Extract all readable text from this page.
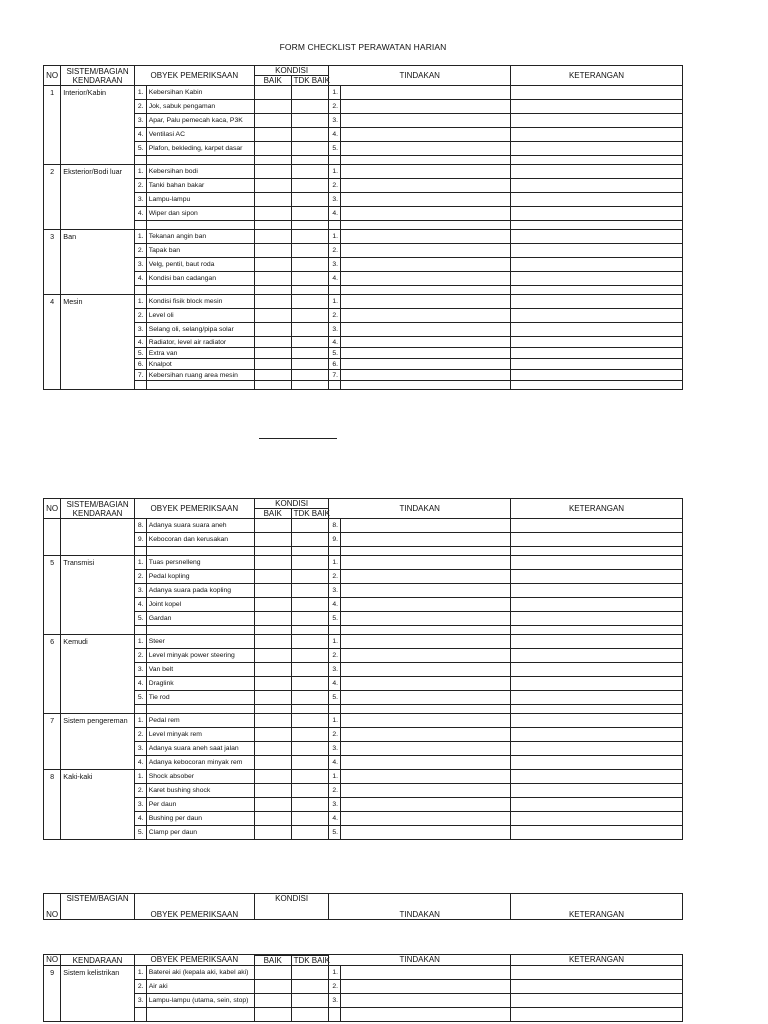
FORM CHECKLIST PERAWATAN HARIAN
NO	SISTEM/BAGIAN
KENDARAAN	OBYEK PEMERIKSAAN		KONDISI		TINDAKAN		KETERANGAN
				BAIK	TDK BAIK			
1	Interior/Kabin	1.	Kebersihan Kabin			1.		
		2.	Jok, sabuk pengaman			2.		
		3.	Apar, Palu pemecah kaca, P3K			3.		
		4.	Ventilasi AC			4.		
		5.	Plafon, bekleding, karpet dasar			5.		

2	Eksterior/Bodi luar	1.	Kebersihan bodi			1.		
		2.	Tanki bahan bakar			2.		
		3.	Lampu-lampu			3.		
		4.	Wiper dan sipon			4.		

3	Ban	1.	Tekanan angin ban			1.		
		2.	Tapak ban			2.		
		3.	Velg, pentil, baut roda			3.		
		4.	Kondisi ban cadangan			4.		

4	Mesin	1.	Kondisi fisik block mesin			1.		
		2.	Level oli			2.		
		3.	Selang oli, selang/pipa solar			3.		
		4.	Radiator, level air radiator			4.		
		5.	Extra van			5.		
		6.	Knalpot			6.		
		7.	Kebersihan ruang area mesin			7.		

NO	SISTEM/BAGIAN
KENDARAAN	OBYEK PEMERIKSAAN		KONDISI		TINDAKAN		KETERANGAN
				BAIK	TDK BAIK			
		8.	Adanya suara suara aneh			8.		
		9.	Kebocoran dan kerusakan			9.		

5	Transmisi	1.	Tuas persnelleng			1.		
		2.	Pedal kopling			2.		
		3.	Adanya suara pada kopling			3.		
		4.	Joint kopel			4.		
		5.	Gardan			5.		

6	Kemudi	1.	Steer			1.		
		2.	Level minyak power steering			2.		
		3.	Van belt			3.		
		4.	Draglink			4.		
		5.	Tie rod			5.		

7	Sistem pengereman	1.	Pedal rem			1.		
		2.	Level minyak rem			2.		
		3.	Adanya suara aneh saat jalan			3.		
		4.	Adanya kebocoran minyak rem			4.		
8	Kaki-kaki	1.	Shock absober			1.		
		2.	Karet bushing shock			2.		
		3.	Per daun			3.		
		4.	Bushing per daun			4.		
		5.	Clamp per daun			5.		
NO	SISTEM/BAGIAN	OBYEK PEMERIKSAAN	KONDISI	TINDAKAN	KETERANGAN
NO	KENDARAAN	OBYEK PEMERIKSAAN				TINDAKAN		KETERANGAN
				BAIK	TDK BAIK			
9	Sistem kelistrikan	1.	Baterei aki (kepala aki, kabel aki)			1.		
		2.	Air aki			2.		
		3.	Lampu-lampu (utama, sein, stop)			3.		
